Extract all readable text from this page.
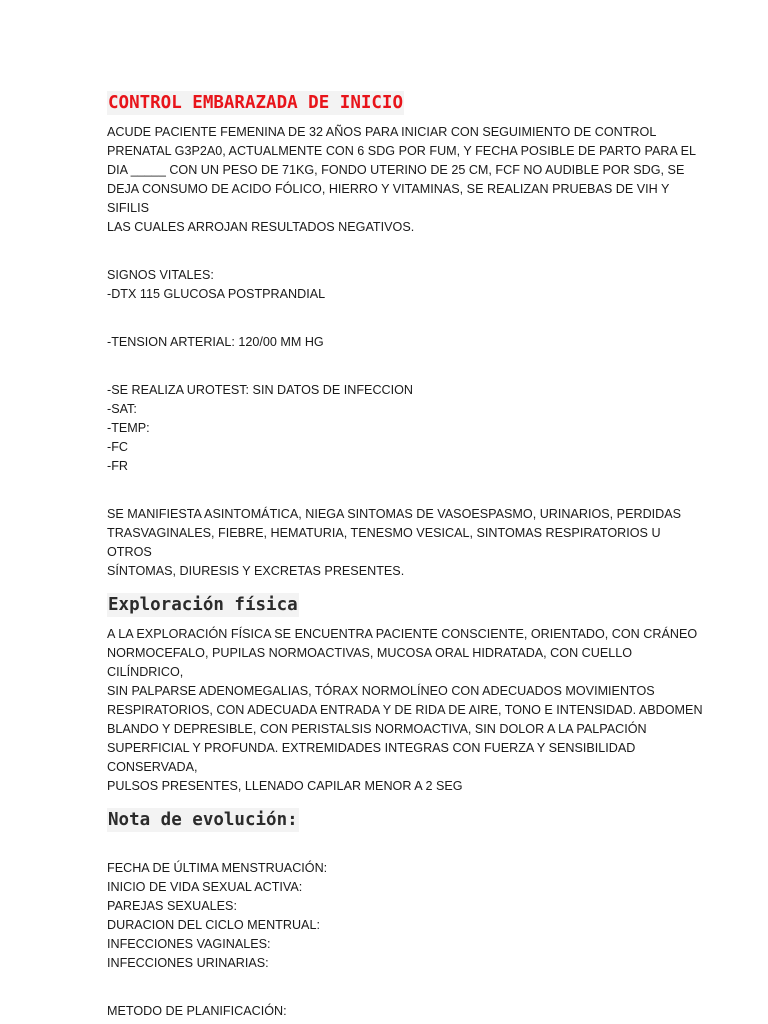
CONTROL EMBARAZADA DE INICIO

ACUDE PACIENTE FEMENINA DE 32 AÑOS PARA INICIAR CON SEGUIMIENTO DE CONTROL
PRENATAL G3P2A0, ACTUALMENTE CON 6 SDG POR FUM, Y FECHA POSIBLE DE PARTO PARA EL
DIA _____ CON UN PESO DE 71KG, FONDO UTERINO DE 25 CM, FCF NO AUDIBLE POR SDG, SE
DEJA CONSUMO DE ACIDO FÓLICO, HIERRO Y VITAMINAS, SE REALIZAN PRUEBAS DE VIH Y SIFILIS
LAS CUALES ARROJAN RESULTADOS NEGATIVOS.

SIGNOS VITALES:
-DTX 115 GLUCOSA POSTPRANDIAL

-TENSION ARTERIAL: 120/00 MM HG

-SE REALIZA UROTEST: SIN DATOS DE INFECCION
-SAT:
-TEMP:
-FC
-FR

SE MANIFIESTA ASINTOMÁTICA, NIEGA SINTOMAS DE VASOESPASMO, URINARIOS, PERDIDAS
TRASVAGINALES, FIEBRE, HEMATURIA, TENESMO VESICAL, SINTOMAS RESPIRATORIOS U OTROS
SÍNTOMAS, DIURESIS Y EXCRETAS PRESENTES.

Exploración física

A LA EXPLORACIÓN FÍSICA SE ENCUENTRA PACIENTE CONSCIENTE, ORIENTADO, CON CRÁNEO
NORMOCEFALO, PUPILAS NORMOACTIVAS, MUCOSA ORAL HIDRATADA, CON CUELLO CILÍNDRICO,
SIN PALPARSE ADENOMEGALIAS, TÓRAX NORMOLÍNEO CON ADECUADOS MOVIMIENTOS
RESPIRATORIOS, CON ADECUADA ENTRADA Y DE RIDA DE AIRE, TONO E INTENSIDAD. ABDOMEN
BLANDO Y DEPRESIBLE, CON PERISTALSIS NORMOACTIVA, SIN DOLOR A LA PALPACIÓN
SUPERFICIAL Y PROFUNDA. EXTREMIDADES INTEGRAS CON FUERZA Y SENSIBILIDAD CONSERVADA,
PULSOS PRESENTES, LLENADO CAPILAR MENOR A 2 SEG

Nota de evolución:

FECHA DE ÚLTIMA MENSTRUACIÓN:
INICIO DE VIDA SEXUAL ACTIVA:
PAREJAS SEXUALES:
DURACION DEL CICLO MENTRUAL:
INFECCIONES VAGINALES:
INFECCIONES URINARIAS:

METODO DE PLANIFICACIÓN:
